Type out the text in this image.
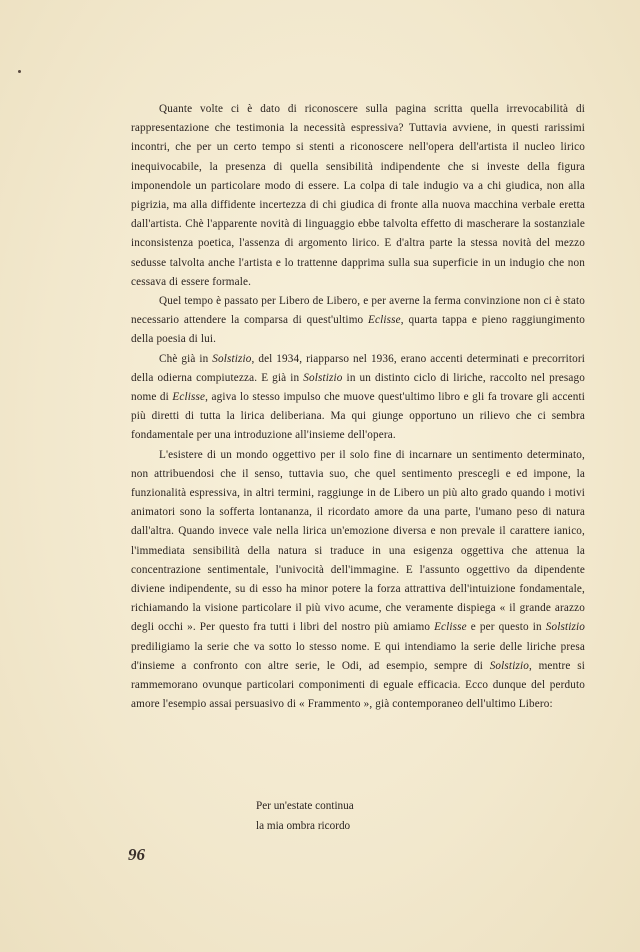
Quante volte ci è dato di riconoscere sulla pagina scritta quella irrevocabilità di rappresentazione che testimonia la necessità espressiva? Tuttavia avviene, in questi rarissimi incontri, che per un certo tempo si stenti a riconoscere nell'opera dell'artista il nucleo lirico inequivocabile, la presenza di quella sensibilità indipendente che si investe della figura imponendole un particolare modo di essere. La colpa di tale indugio va a chi giudica, non alla pigrizia, ma alla diffidente incertezza di chi giudica di fronte alla nuova macchina verbale eretta dall'artista. Chè l'apparente novità di linguaggio ebbe talvolta effetto di mascherare la sostanziale inconsistenza poetica, l'assenza di argomento lirico. E d'altra parte la stessa novità del mezzo sedusse talvolta anche l'artista e lo trattenne dapprima sulla sua superficie in un indugio che non cessava di essere formale.

Quel tempo è passato per Libero de Libero, e per averne la ferma convinzione non ci è stato necessario attendere la comparsa di quest'ultimo Eclisse, quarta tappa e pieno raggiungimento della poesia di lui.

Chè già in Solstizio, del 1934, riapparso nel 1936, erano accenti determinati e precorritori della odierna compiutezza. E già in Solstizio in un distinto ciclo di liriche, raccolto nel presago nome di Eclisse, agiva lo stesso impulso che muove quest'ultimo libro e gli fa trovare gli accenti più diretti di tutta la lirica deliberiana. Ma qui giunge opportuno un rilievo che ci sembra fondamentale per una introduzione all'insieme dell'opera.

L'esistere di un mondo oggettivo per il solo fine di incarnare un sentimento determinato, non attribuendosi che il senso, tuttavia suo, che quel sentimento prescegli e ed impone, la funzionalità espressiva, in altri termini, raggiunge in de Libero un più alto grado quando i motivi animatori sono la sofferta lontananza, il ricordato amore da una parte, l'umano peso di natura dall'altra. Quando invece vale nella lirica un'emozione diversa e non prevale il carattere ianico, l'immediata sensibilità della natura si traduce in una esigenza oggettiva che attenua la concentrazione sentimentale, l'univocità dell'immagine. E l'assunto oggettivo da dipendente diviene indipendente, su di esso ha minor potere la forza attrattiva dell'intuizione fondamentale, richiamando la visione particolare il più vivo acume, che veramente dispiega « il grande arazzo degli occhi ». Per questo fra tutti i libri del nostro più amiamo Eclisse e per questo in Solstizio prediligiamo la serie che va sotto lo stesso nome. E qui intendiamo la serie delle liriche presa d'insieme a confronto con altre serie, le Odi, ad esempio, sempre di Solstizio, mentre si rammemorano ovunque particolari componimenti di eguale efficacia. Ecco dunque del perduto amore l'esempio assai persuasivo di « Frammento », già contemporaneo dell'ultimo Libero:

Per un'estate continua
la mia ombra ricordo
96
